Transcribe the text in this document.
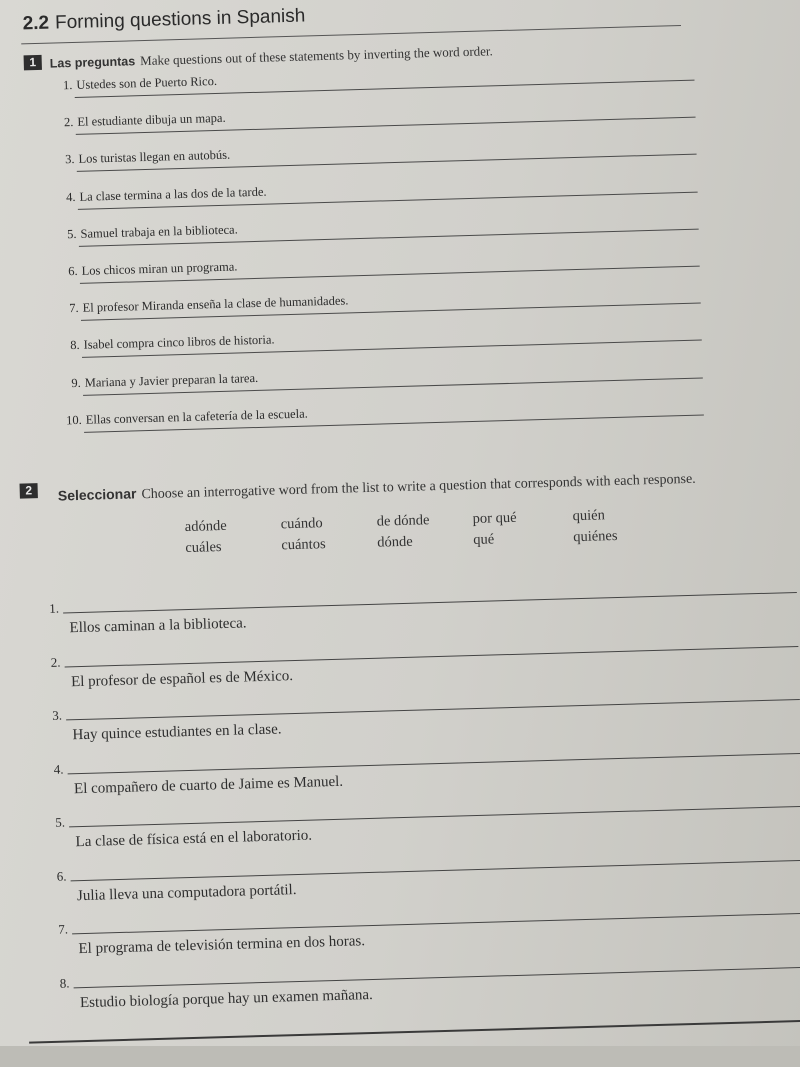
2.2 Forming questions in Spanish
1	Las preguntas Make questions out of these statements by inverting the word order.
1. Ustedes son de Puerto Rico.
2. El estudiante dibuja un mapa.
3. Los turistas llegan en autobús.
4. La clase termina a las dos de la tarde.
5. Samuel trabaja en la biblioteca.
6. Los chicos miran un programa.
7. El profesor Miranda enseña la clase de humanidades.
8. Isabel compra cinco libros de historia.
9. Mariana y Javier preparan la tarea.
10. Ellas conversan en la cafetería de la escuela.
2	Seleccionar Choose an interrogative word from the list to write a question that corresponds with each response.
adónde	cuándo	de dónde	por qué	quién
cuáles	cuántos	dónde	qué	quiénes
1.
Ellos caminan a la biblioteca.
2.
El profesor de español es de México.
3.
Hay quince estudiantes en la clase.
4.
El compañero de cuarto de Jaime es Manuel.
5.
La clase de física está en el laboratorio.
6.
Julia lleva una computadora portátil.
7.
El programa de televisión termina en dos horas.
8.
Estudio biología porque hay un examen mañana.
